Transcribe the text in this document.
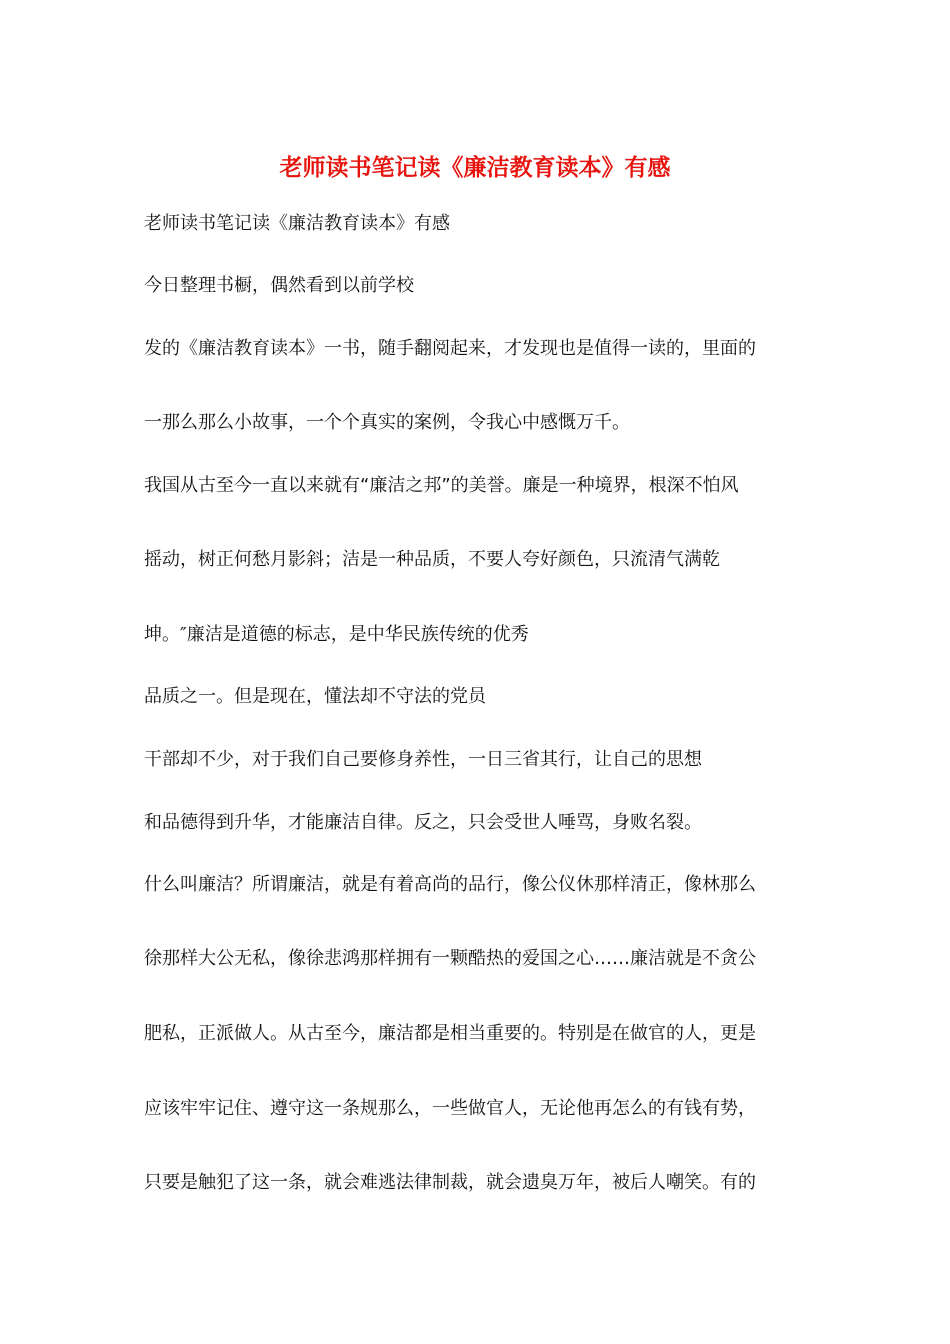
老师读书笔记读《廉洁教育读本》有感
老师读书笔记读《廉洁教育读本》有感
今日整理书橱，偶然看到以前学校
发的《廉洁教育读本》一书，随手翻阅起来，才发现也是值得一读的，里面的
一那么那么小故事，一个个真实的案例，令我心中感慨万千。
我国从古至今一直以来就有“廉洁之邦”的美誉。廉是一种境界，根深不怕风
摇动，树正何愁月影斜；洁是一种品质，不要人夸好颜色，只流清气满乾
坤。″廉洁是道德的标志，是中华民族传统的优秀
品质之一。但是现在，懂法却不守法的党员
干部却不少，对于我们自己要修身养性，一日三省其行，让自己的思想
和品德得到升华，才能廉洁自律。反之，只会受世人唾骂，身败名裂。
什么叫廉洁？所谓廉洁，就是有着高尚的品行，像公仪休那样清正，像林那么
徐那样大公无私，像徐悲鸿那样拥有一颗酷热的爱国之心……廉洁就是不贪公
肥私，正派做人。从古至今，廉洁都是相当重要的。特别是在做官的人，更是
应该牢牢记住、遵守这一条规那么，一些做官人，无论他再怎么的有钱有势，
只要是触犯了这一条，就会难逃法律制裁，就会遗臭万年，被后人嘲笑。有的
